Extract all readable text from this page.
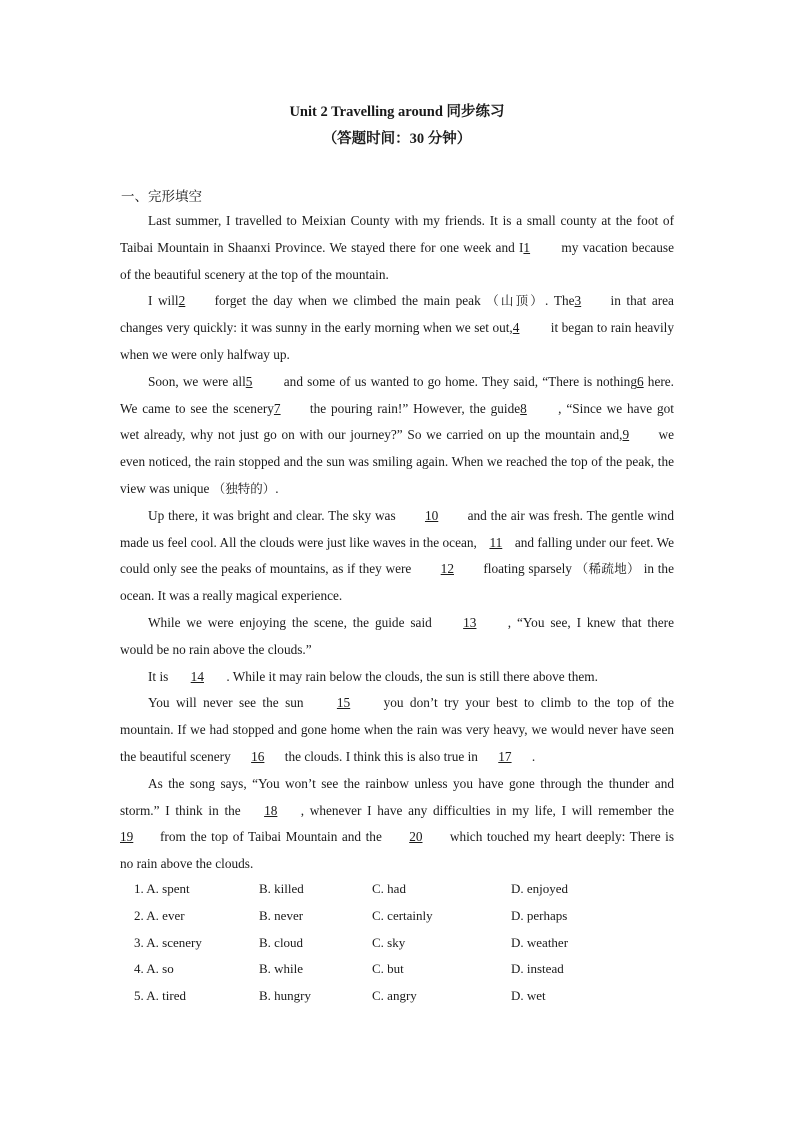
Unit 2 Travelling around 同步练习
（答题时间：30 分钟）
一、完形填空

Last summer, I travelled to Meixian County with my friends. It is a small county at the foot of Taibai Mountain in Shaanxi Province. We stayed there for one week and I1 my vacation because of the beautiful scenery at the top of the mountain.

I will2 forget the day when we climbed the main peak （山顶）. The3 in that area changes very quickly: it was sunny in the early morning when we set out,4 it began to rain heavily when we were only halfway up.

Soon, we were all5 and some of us wanted to go home. They said, “There is nothing6 here. We came to see the scenery7 the pouring rain!” However, the guide8 , “Since we have got wet already, why not just go on with our journey?” So we carried on up the mountain and,9 we even noticed, the rain stopped and the sun was smiling again. When we reached the top of the peak, the view was unique （独特的）.

Up there, it was bright and clear. The sky was 10 and the air was fresh. The gentle wind made us feel cool. All the clouds were just like waves in the ocean, 11 and falling under our feet. We could only see the peaks of mountains, as if they were 12 floating sparsely （稀疏地） in the ocean. It was a really magical experience.

While we were enjoying the scene, the guide said 13 , “You see, I knew that there would be no rain above the clouds.”

It is 14 . While it may rain below the clouds, the sun is still there above them.

You will never see the sun	15	you don’t try your best to climb to the top of the mountain. If we had stopped and gone home when the rain was very heavy, we would never have seen the beautiful scenery 16 the clouds. I think this is also true in 17 .

As the song says, “You won’t see the rainbow unless you have gone through the thunder and storm.” I think in the 18 , whenever I have any difficulties in my life, I will remember the 19 from the top of Taibai Mountain and the 20 which touched my heart deeply: There is no rain above the clouds.

1. A. spent	B. killed	C. had	D. enjoyed
2. A. ever	B. never	C. certainly	D. perhaps
3. A. scenery	B. cloud	C. sky	D. weather
4. A. so	B. while	C. but	D. instead
5. A. tired	B. hungry	C. angry	D. wet
